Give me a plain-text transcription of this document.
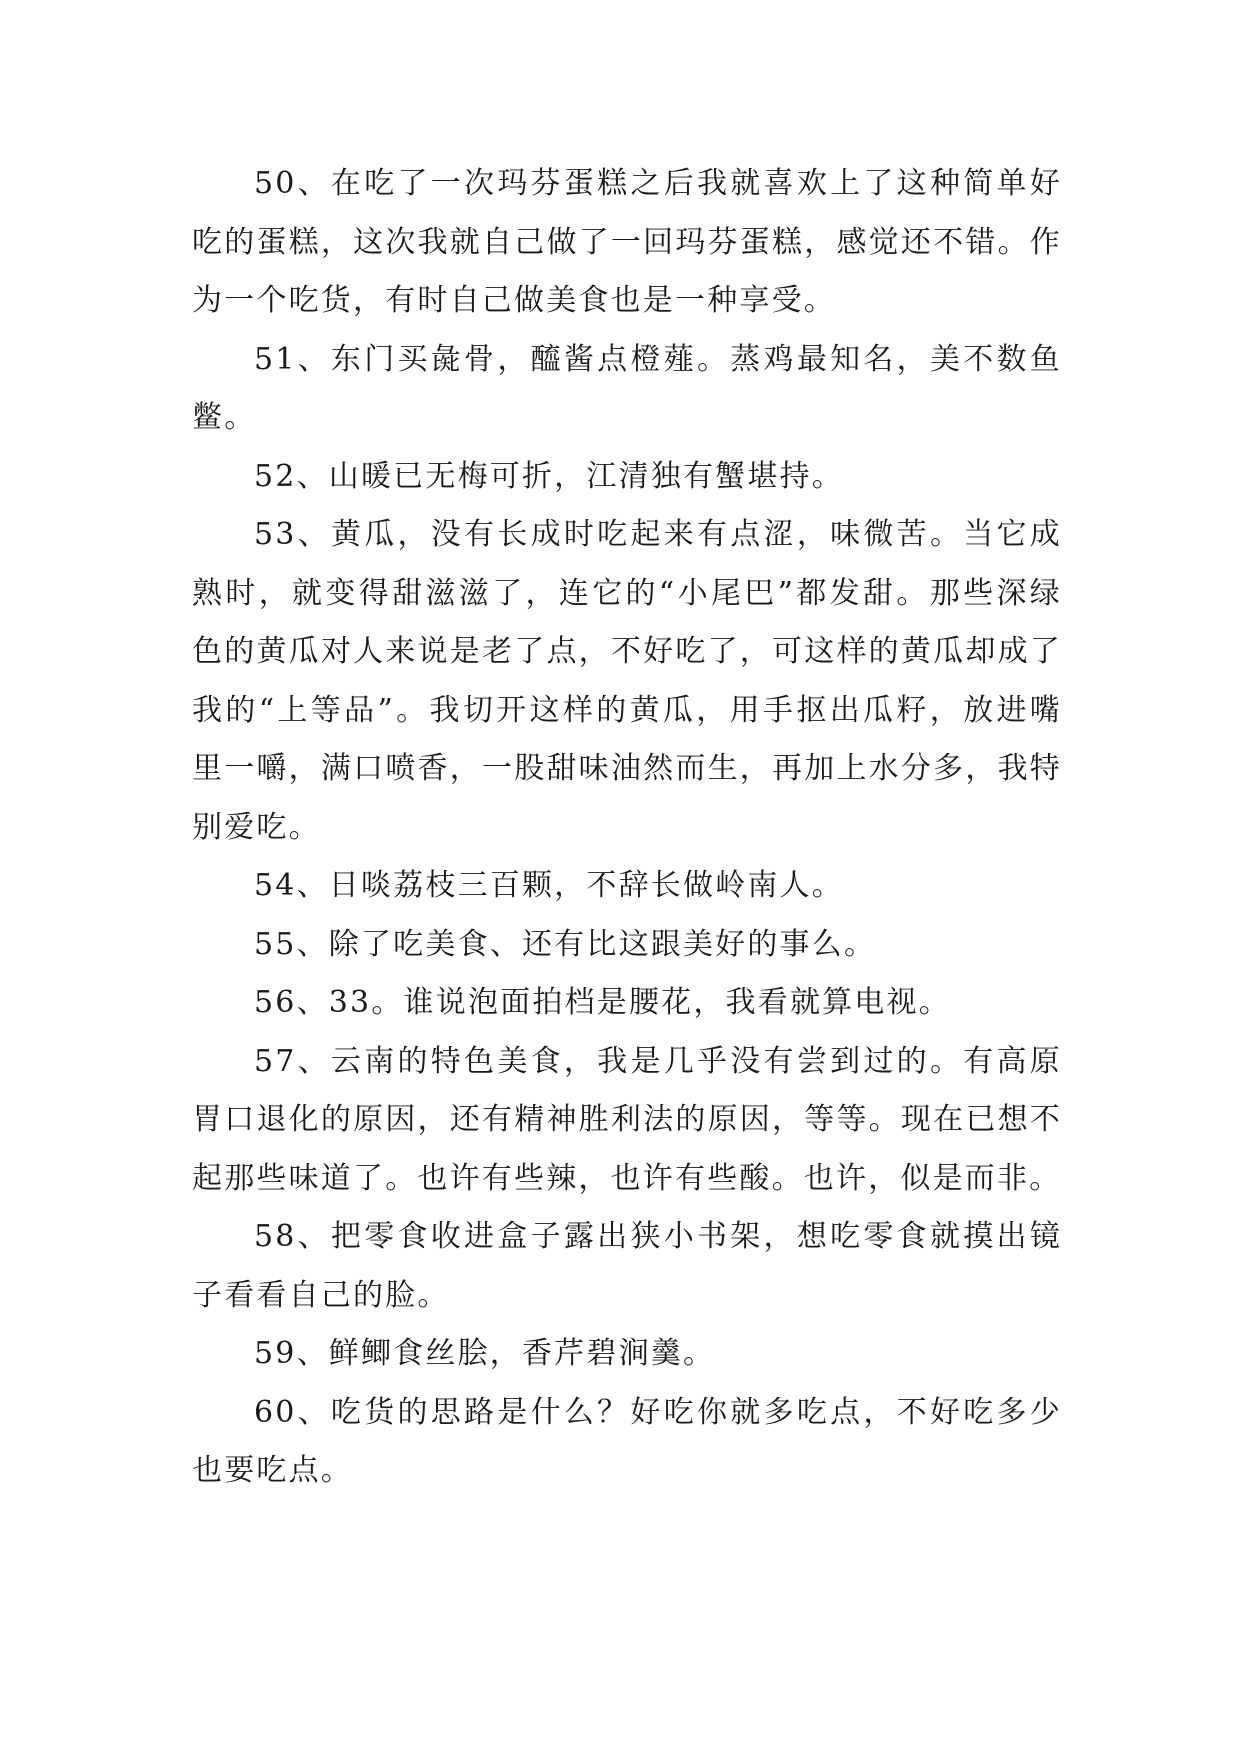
50、在吃了一次玛芬蛋糕之后我就喜欢上了这种简单好吃的蛋糕，这次我就自己做了一回玛芬蛋糕，感觉还不错。作为一个吃货，有时自己做美食也是一种享受。

51、东门买彘骨，醯酱点橙薤。蒸鸡最知名，美不数鱼鳖。

52、山暖已无梅可折，江清独有蟹堪持。

53、黄瓜，没有长成时吃起来有点涩，味微苦。当它成熟时，就变得甜滋滋了，连它的“小尾巴”都发甜。那些深绿色的黄瓜对人来说是老了点，不好吃了，可这样的黄瓜却成了我的“上等品”。我切开这样的黄瓜，用手抠出瓜籽，放进嘴里一嚼，满口喷香，一股甜味油然而生，再加上水分多，我特别爱吃。

54、日啖荔枝三百颗，不辞长做岭南人。

55、除了吃美食、还有比这跟美好的事么。

56、33。谁说泡面拍档是腰花，我看就算电视。

57、云南的特色美食，我是几乎没有尝到过的。有高原胃口退化的原因，还有精神胜利法的原因，等等。现在已想不起那些味道了。也许有些辣，也许有些酸。也许，似是而非。

58、把零食收进盒子露出狭小书架，想吃零食就摸出镜子看看自己的脸。

59、鲜鲫食丝脍，香芹碧涧羹。

60、吃货的思路是什么？好吃你就多吃点，不好吃多少也要吃点。
